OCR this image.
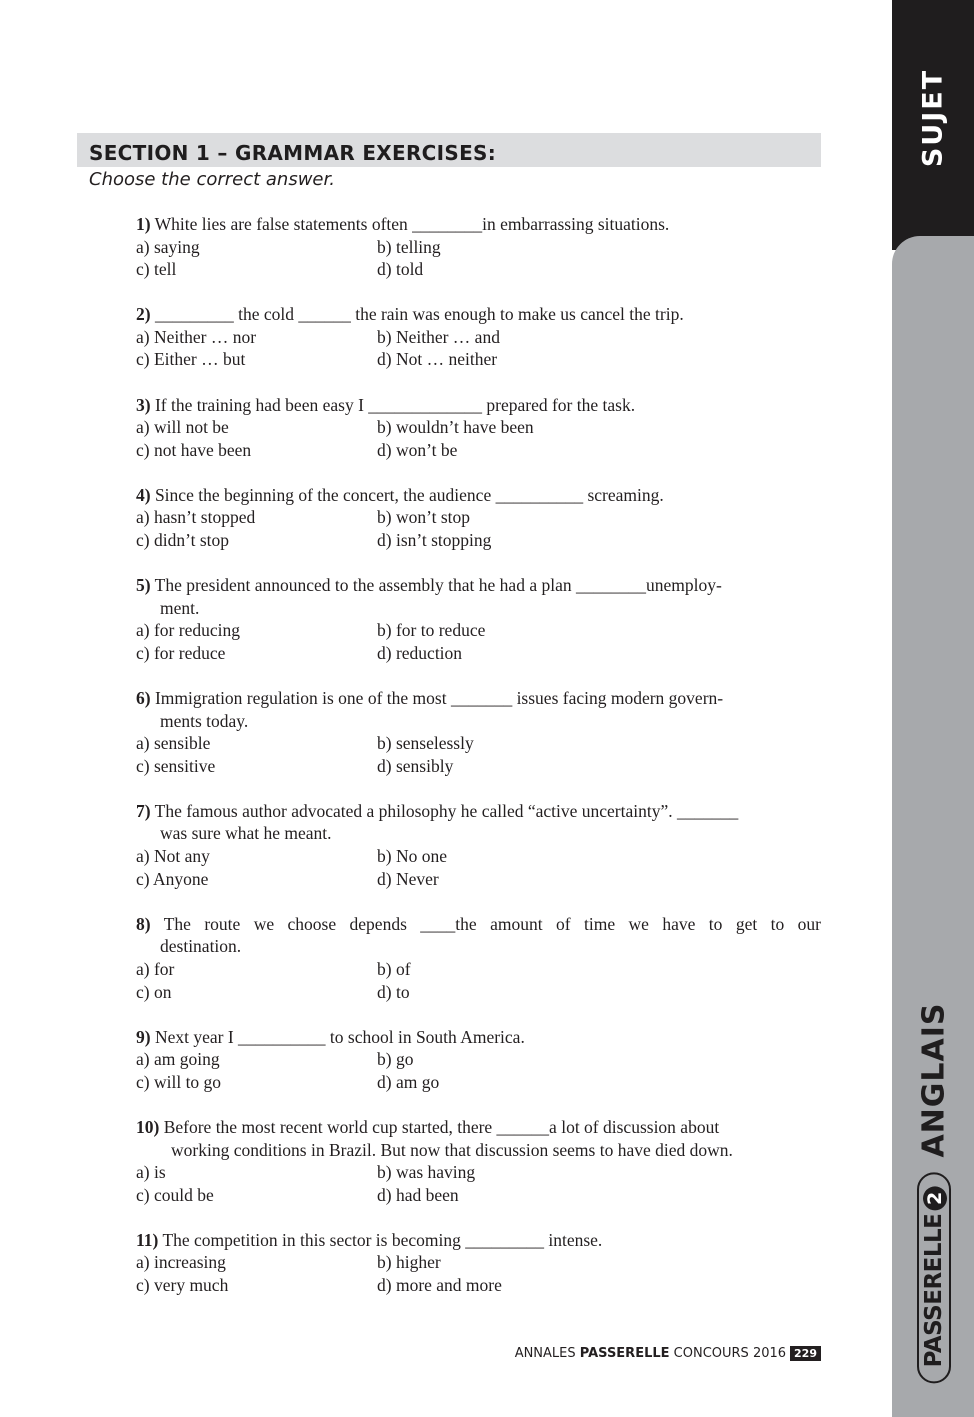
SUJET
ANGLAIS
PASSERELLE2
SECTION 1 – GRAMMAR EXERCISES:
Choose the correct answer.
1) White lies are false statements often ________in embarrassing situations.
a) saying	b) telling
c) tell	d) told
2) _________ the cold ______ the rain was enough to make us cancel the trip.
a) Neither … nor	b) Neither … and
c) Either … but	d) Not … neither
3) If the training had been easy I _____________ prepared for the task.
a) will not be	b) wouldn’t have been
c) not have been	d) won’t be
4) Since the beginning of the concert, the audience __________ screaming.
a) hasn’t stopped	b) won’t stop
c) didn’t stop	d) isn’t stopping
5) The president announced to the assembly that he had a plan ________unemploy-
ment.
a) for reducing	b) for to reduce
c) for reduce	d) reduction
6) Immigration regulation is one of the most _______ issues facing modern govern-
ments today.
a) sensible	b) senselessly
c) sensitive	d) sensibly
7) The famous author advocated a philosophy he called “active uncertainty”. _______
was sure what he meant.
a) Not any	b) No one
c) Anyone	d) Never
8) The route we choose depends ____the amount of time we have to get to our
destination.
a) for	b) of
c) on	d) to
9) Next year I __________ to school in South America.
a) am going	b) go
c) will to go	d) am go
10) Before the most recent world cup started, there ______a lot of discussion about
working conditions in Brazil. But now that discussion seems to have died down.
a) is	b) was having
c) could be	d) had been
11) The competition in this sector is becoming _________ intense.
a) increasing	b) higher
c) very much	d) more and more
ANNALES PASSERELLE CONCOURS 2016 229
